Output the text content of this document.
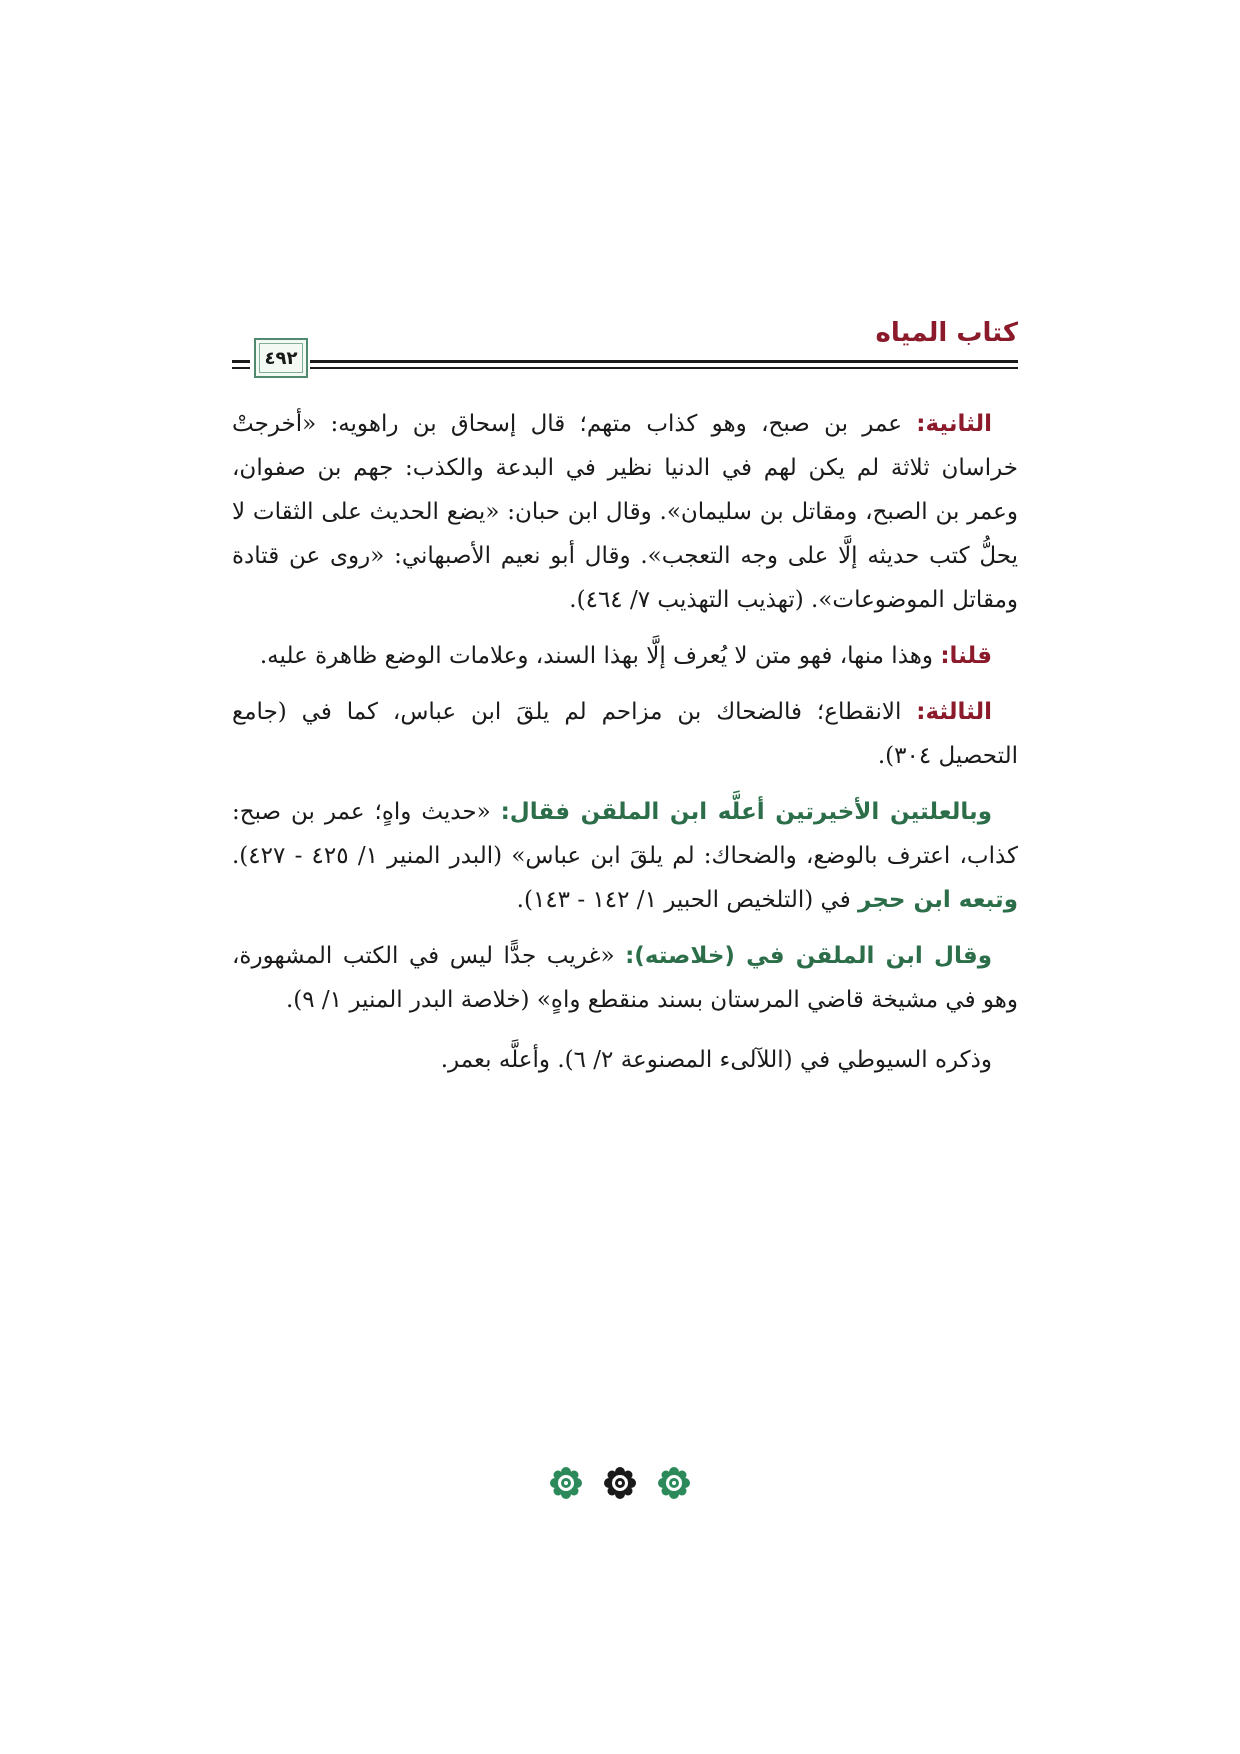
كتاب المياه
٤٩٢

الثانية: عمر بن صبح، وهو كذاب متهم؛ قال إسحاق بن راهويه: «أخرجتْ خراسان ثلاثة لم يكن لهم في الدنيا نظير في البدعة والكذب: جهم بن صفوان، وعمر بن الصبح، ومقاتل بن سليمان». وقال ابن حبان: «يضع الحديث على الثقات لا يحلُّ كتب حديثه إلَّا على وجه التعجب». وقال أبو نعيم الأصبهاني: «روى عن قتادة ومقاتل الموضوعات». (تهذيب التهذيب ٧/ ٤٦٤).

قلنا: وهذا منها، فهو متن لا يُعرف إلَّا بهذا السند، وعلامات الوضع ظاهرة عليه.

الثالثة: الانقطاع؛ فالضحاك بن مزاحم لم يلقَ ابن عباس، كما في (جامع التحصيل ٣٠٤).

وبالعلتين الأخيرتين أعلَّه ابن الملقن فقال: «حديث واهٍ؛ عمر بن صبح: كذاب، اعترف بالوضع، والضحاك: لم يلقَ ابن عباس» (البدر المنير ١/ ٤٢٥ - ٤٢٧). وتبعه ابن حجر في (التلخيص الحبير ١/ ١٤٢ - ١٤٣).

وقال ابن الملقن في (خلاصته): «غريب جدًّا ليس في الكتب المشهورة، وهو في مشيخة قاضي المرستان بسند منقطع واهٍ» (خلاصة البدر المنير ١/ ٩).

وذكره السيوطي في (اللآلىء المصنوعة ٢/ ٦). وأعلَّه بعمر.
